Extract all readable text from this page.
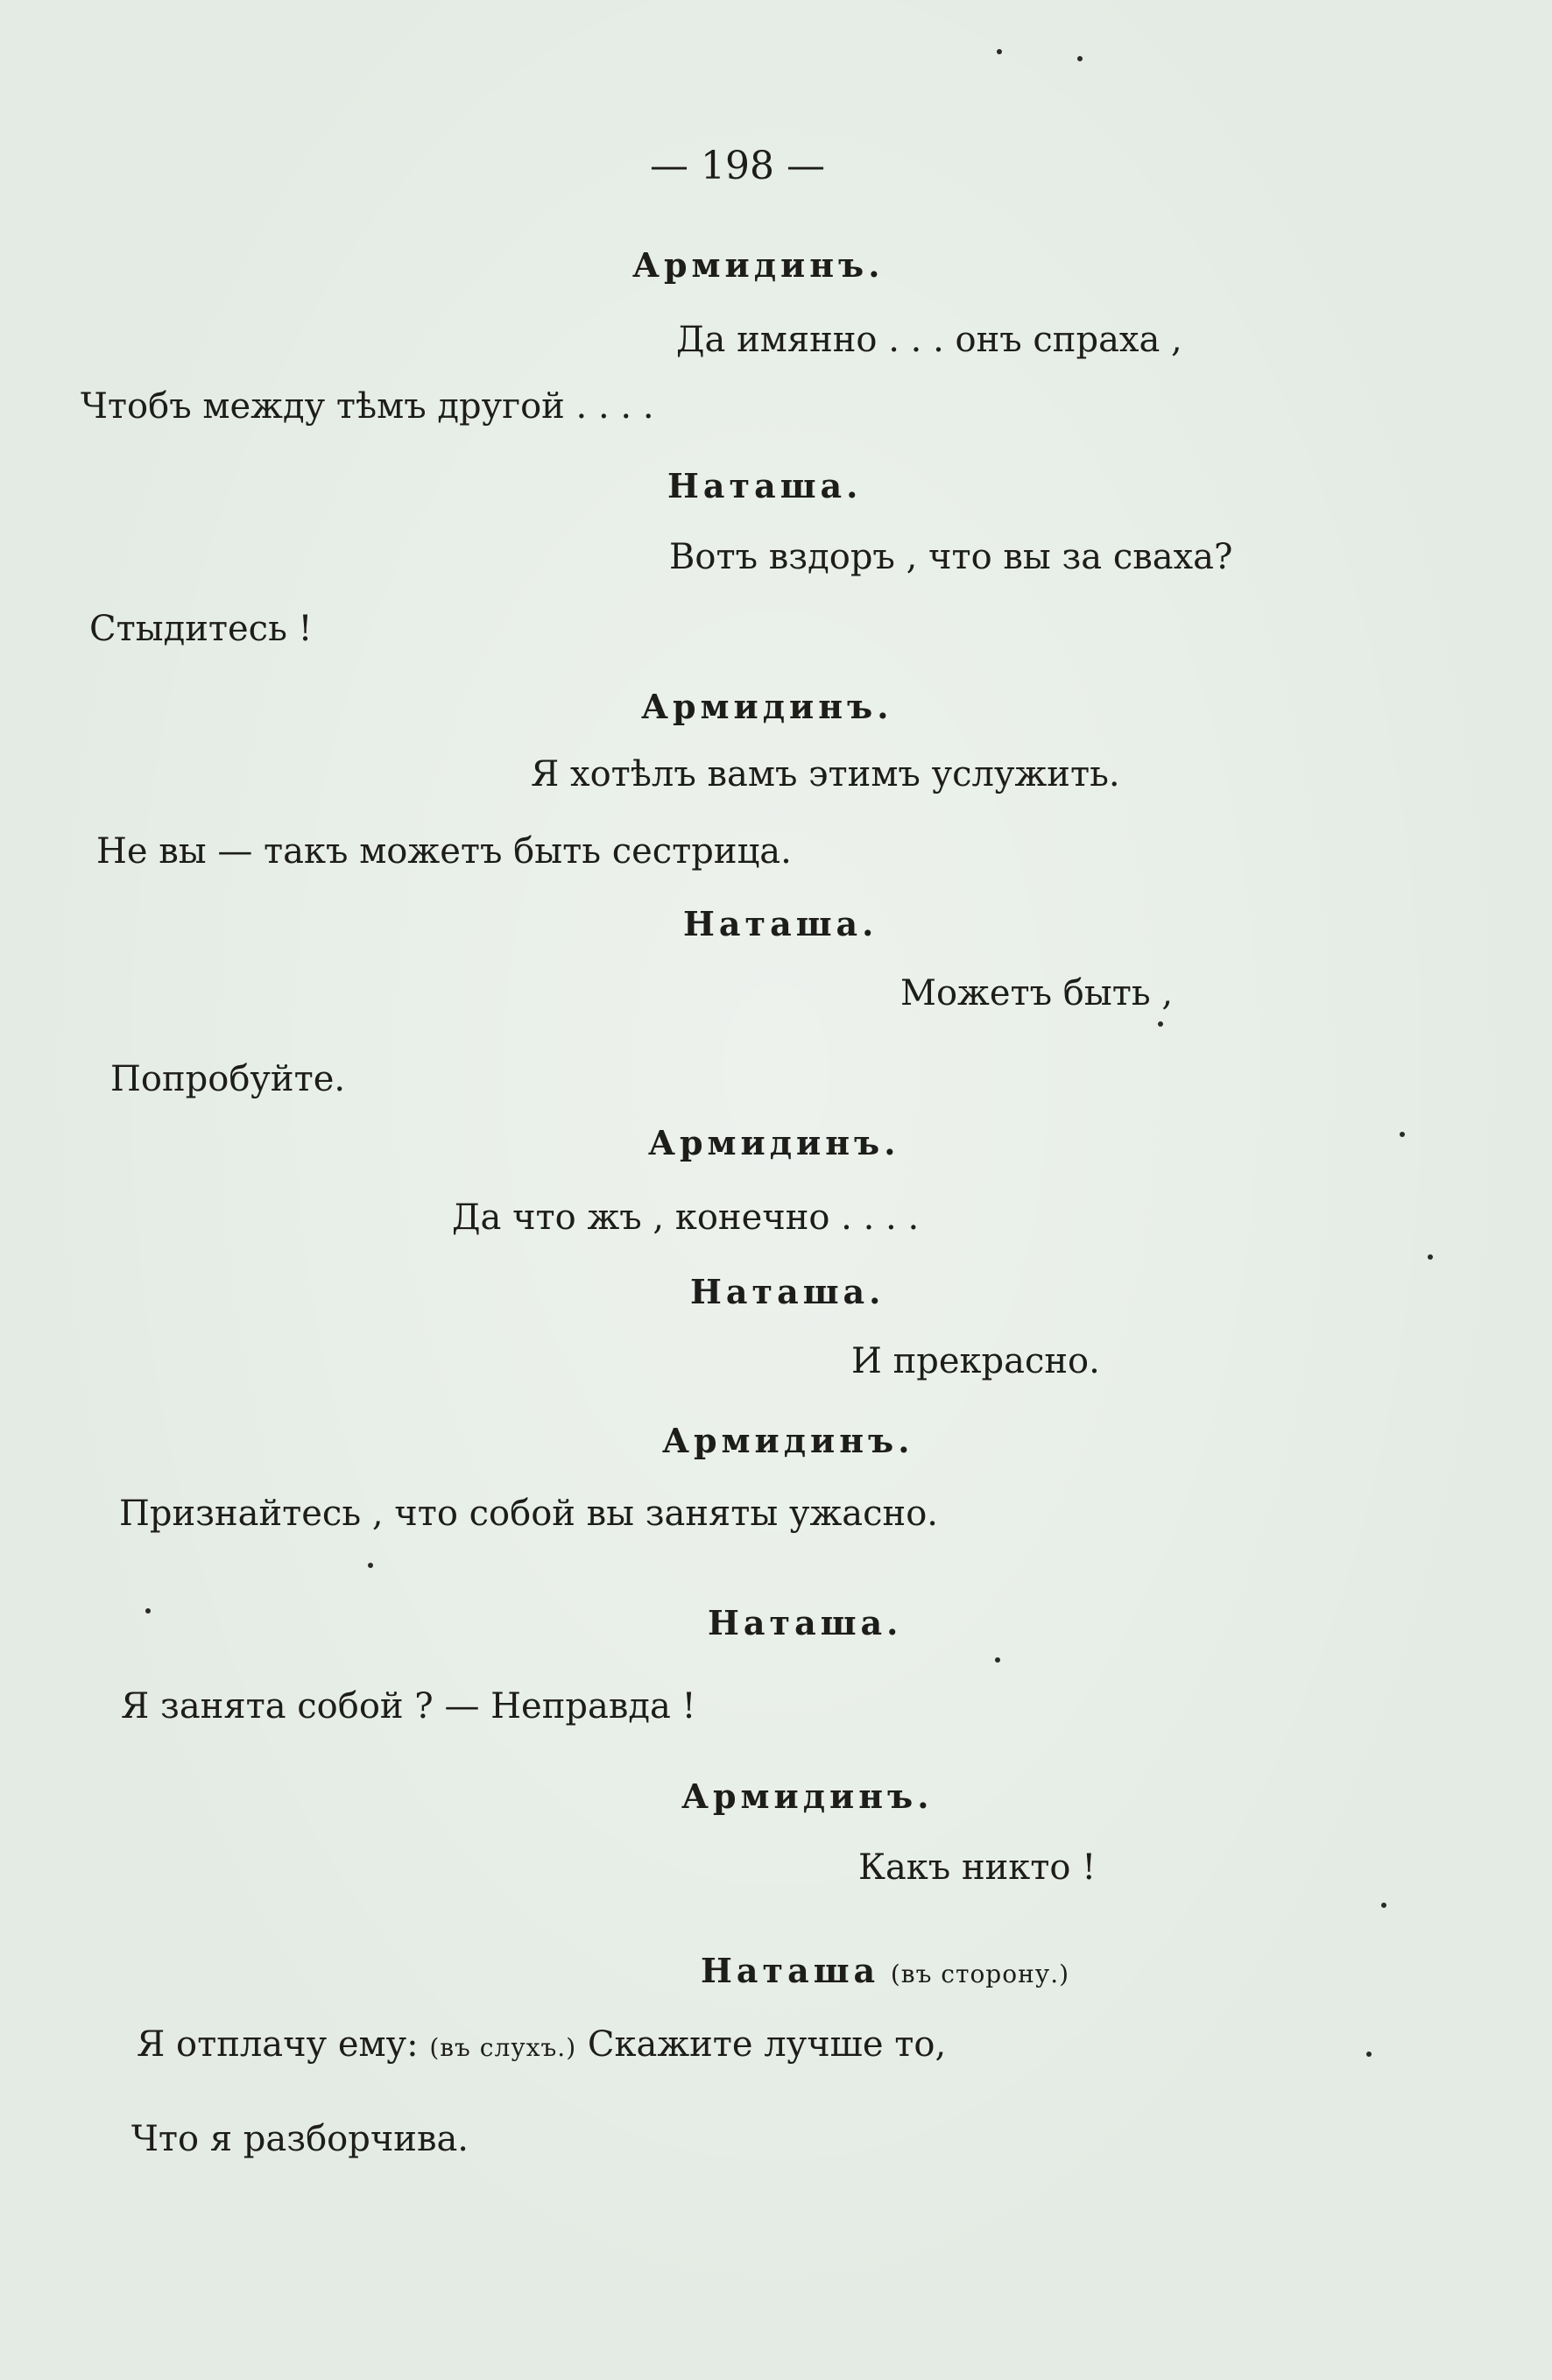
— 198 —
Армидинъ.
Да имянно . . . онъ спраха ,
Чтобъ между тѣмъ другой . . . .
Наташа.
Вотъ вздоръ , что вы за сваха?
Стыдитесь !
Армидинъ.
Я хотѣлъ вамъ этимъ услужить.
Не вы — такъ можетъ быть сестрица.
Наташа.
Можетъ быть ,
Попробуйте.
Армидинъ.
Да что жъ , конечно . . . .
Наташа.
И прекрасно.
Армидинъ.
Признайтесь , что собой вы заняты ужасно.
Наташа.
Я занята собой ? — Неправда !
Армидинъ.
Какъ никто !
Наташа (въ сторону.)
Я отплачу ему: (въ слухъ.) Скажите лучше то,
Что я разборчива.
